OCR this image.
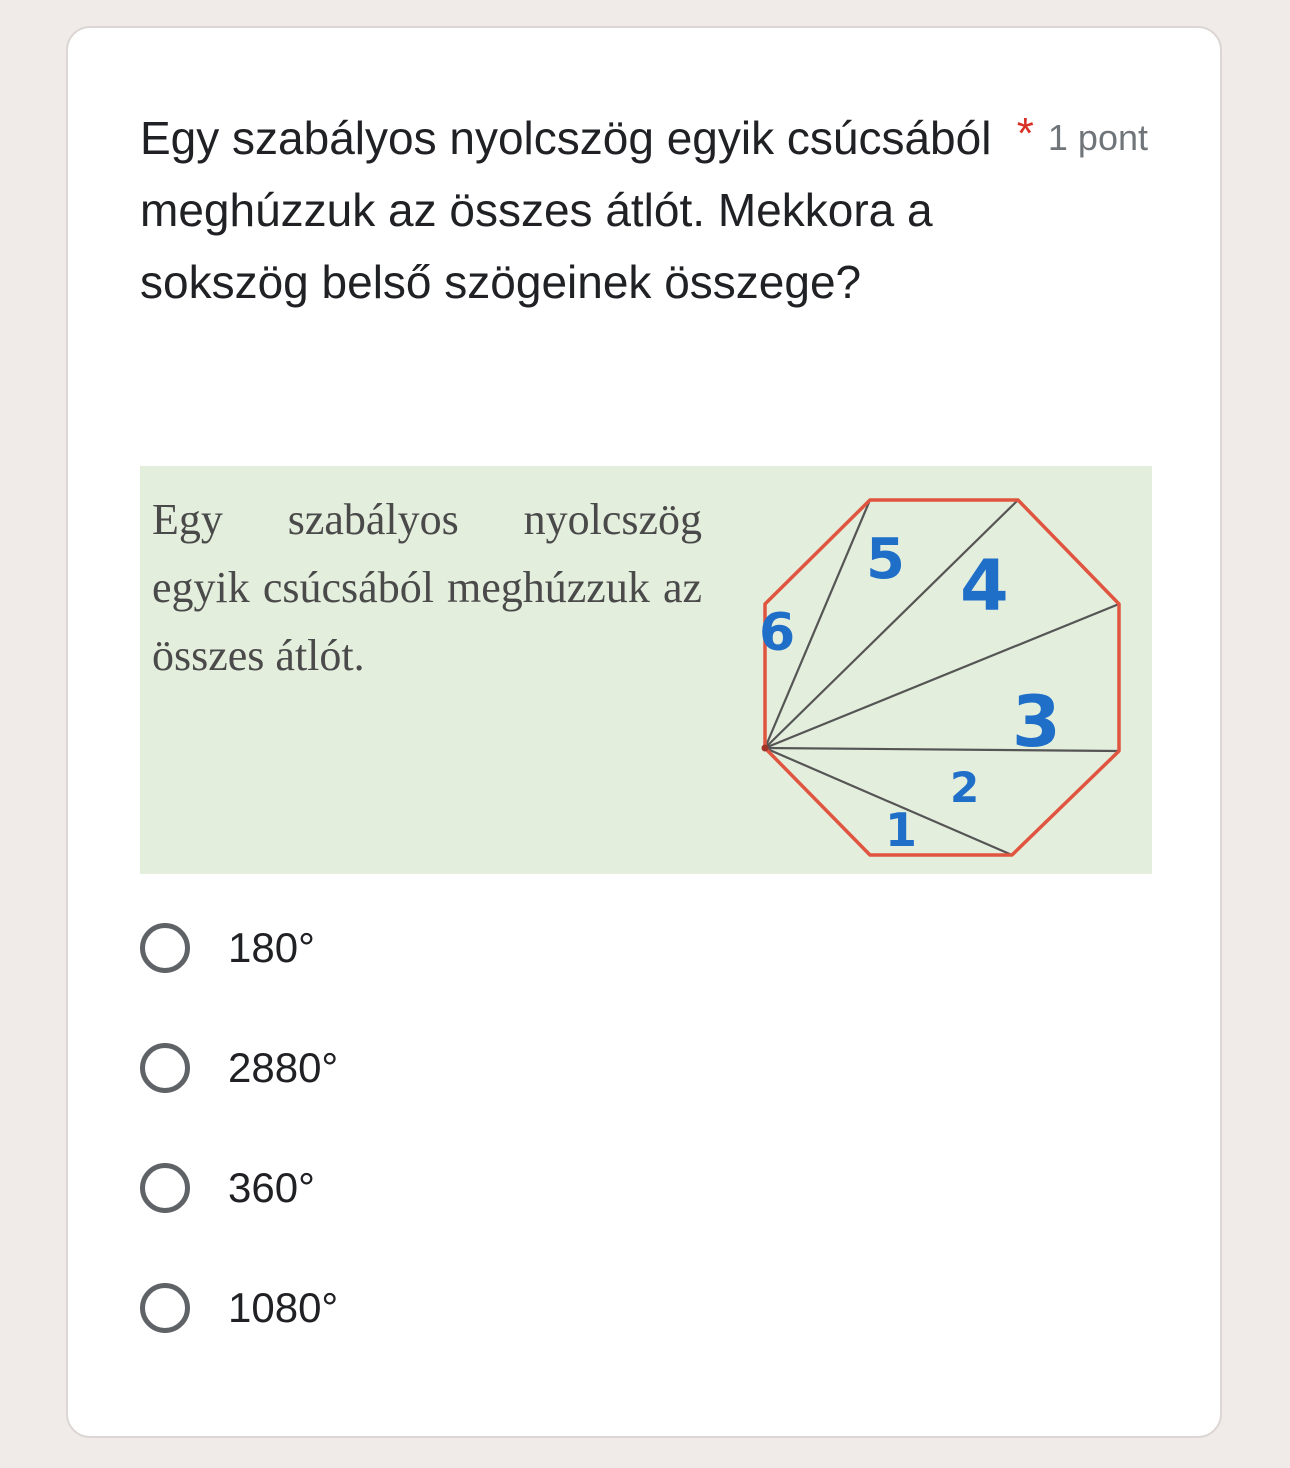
Egy szabályos nyolcszög egyik csúcsából meghúzzuk az összes átlót. Mekkora a sokszög belső szögeinek összege?
* 1 pont
Egy szabályos nyolcszög egyik csúcsából meghúzzuk az összes átlót.
1
2
3
4
5
6
180°
2880°
360°
1080°
